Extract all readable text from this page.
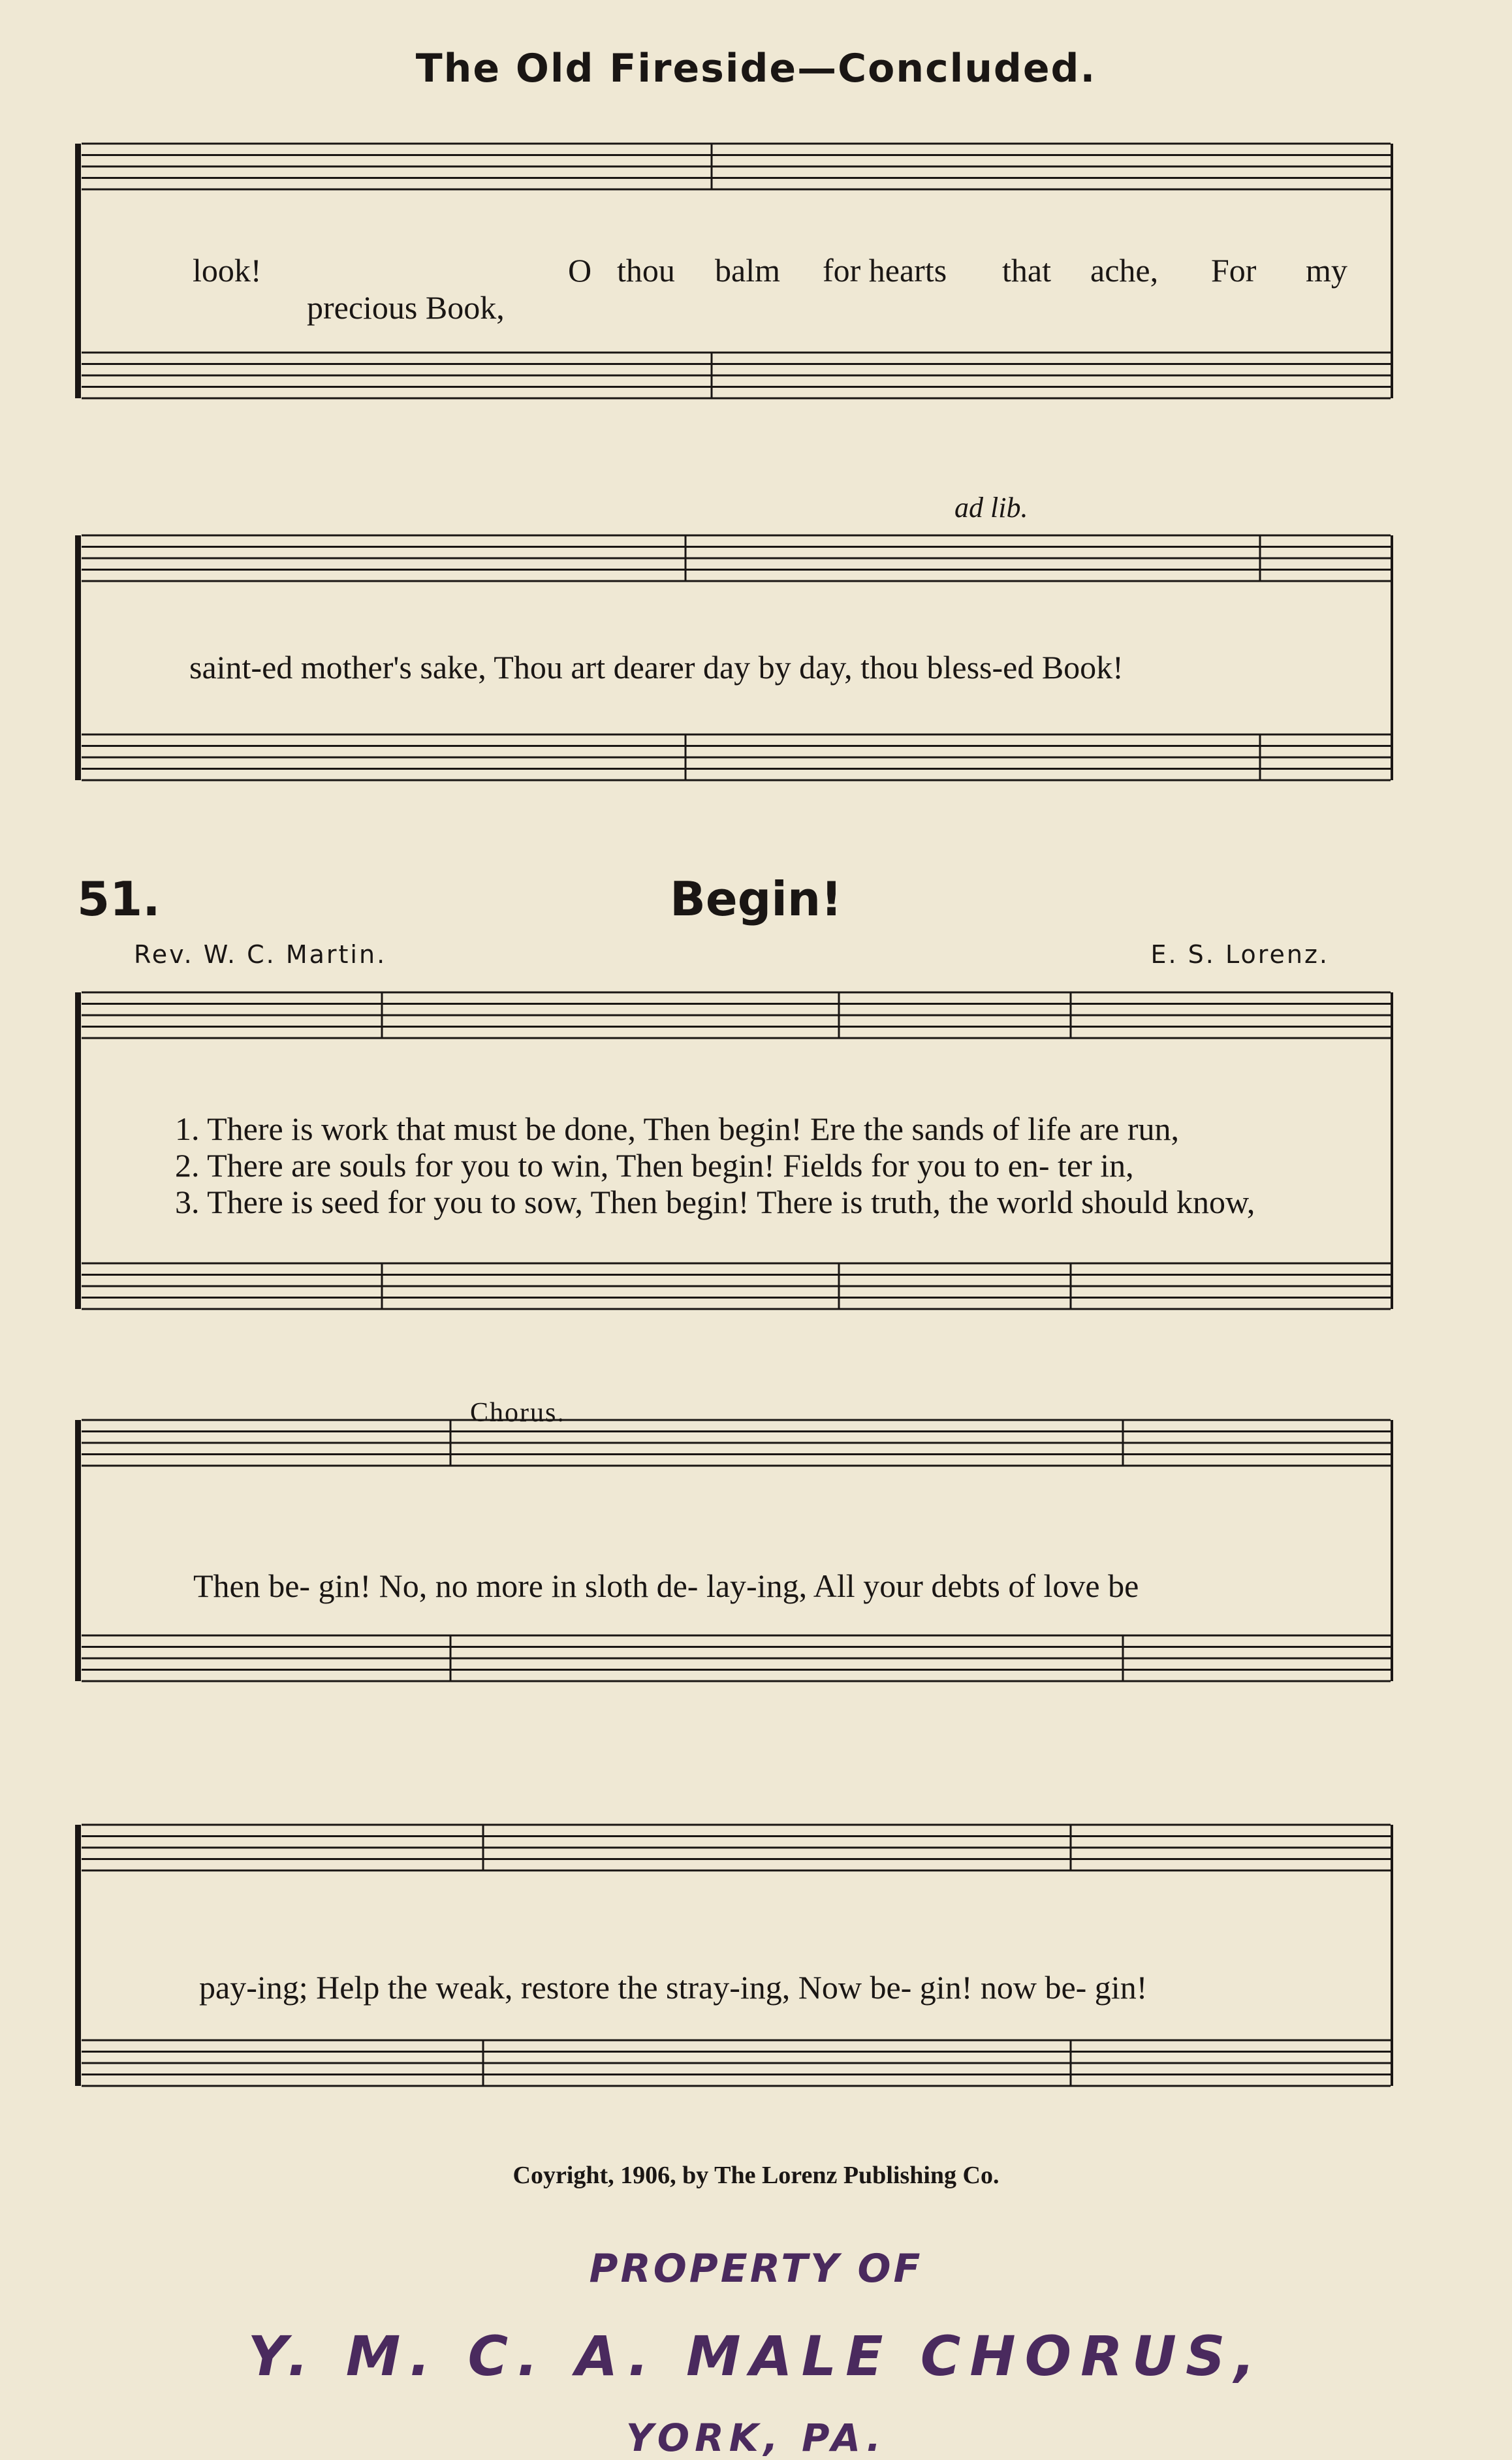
The Old Fireside—Concluded.
look!	O thou balm for hearts that ache, For my
precious Book,
ad lib.
saint-ed mother's sake, Thou art dearer day by day, thou bless-ed Book!
51.	Begin!
Rev. W. C. Martin.	E. S. Lorenz.
1. There is work that must be done, Then begin! Ere the sands of life are run,
2. There are souls for you to win, Then begin! Fields for you to en- ter in,
3. There is seed for you to sow, Then begin! There is truth, the world should know,
Chorus.
Then be- gin! No, no more in sloth de- lay-ing, All your debts of love be
pay-ing; Help the weak, restore the stray-ing, Now be- gin! now be- gin!
Coyright, 1906, by The Lorenz Publishing Co.
PROPERTY OF
Y. M. C. A. MALE CHORUS,
YORK, PA.
